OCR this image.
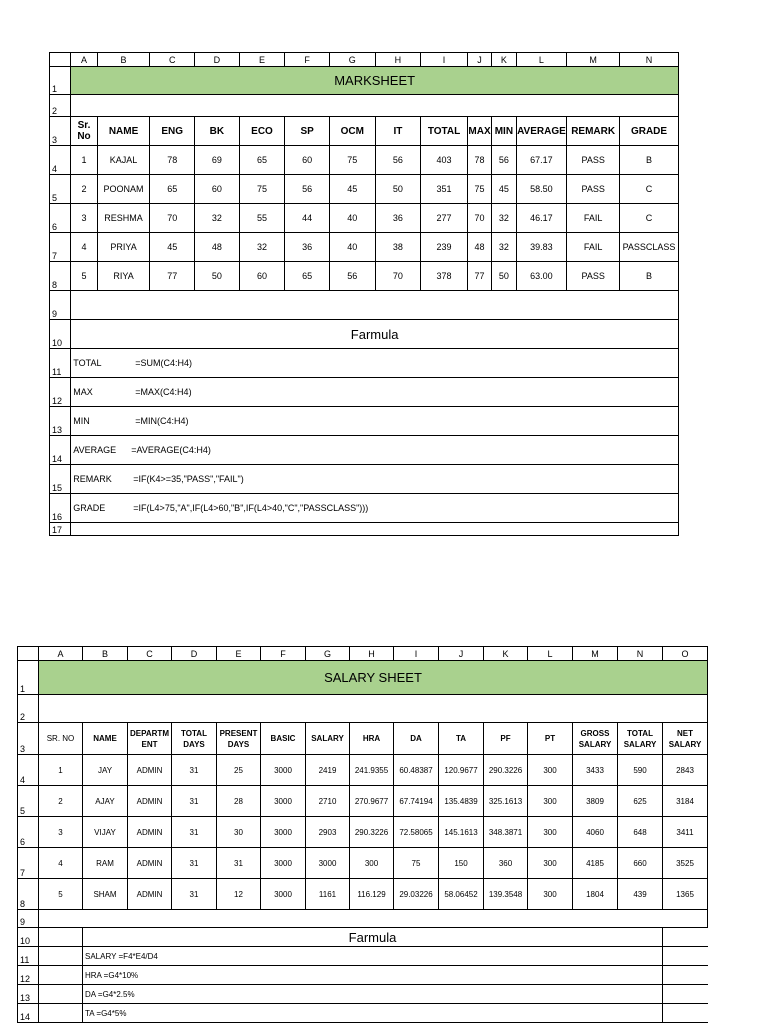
	A	B	C	D	E	F	G	H	I	J	K	L	M	N
1	MARKSHEET													
2														
3	Sr. No	NAME	ENG	BK	ECO	SP	OCM	IT	TOTAL	MAX	MIN	AVERAGE	REMARK	GRADE
4	1	KAJAL	78	69	65	60	75	56	403	78	56	67.17	PASS	B
5	2	POONAM	65	60	75	56	45	50	351	75	45	58.50	PASS	C
6	3	RESHMA	70	32	55	44	40	36	277	70	32	46.17	FAIL	C
7	4	PRIYA	45	48	32	36	40	38	239	48	32	39.83	FAIL	PASSCLASS
8	5	RIYA	77	50	60	65	56	70	378	77	50	63.00	PASS	B
9														
10	Farmula													
11	TOTAL =SUM(C4:H4)													
12	MAX =MAX(C4:H4)													
13	MIN =MIN(C4:H4)													
14	AVERAGE =AVERAGE(C4:H4)													
15	REMARK =IF(K4>=35,"PASS","FAIL")													
16	GRADE =IF(L4>75,"A",IF(L4>60,"B",IF(L4>40,"C","PASSCLASS")))													
17														
	A	B	C	D	E	F	G	H	I	J	K	L	M	N	O
1	SALARY SHEET														
2															
3	SR. NO	NAME	DEPARTM ENT	TOTAL DAYS	PRESENT DAYS	BASIC	SALARY	HRA	DA	TA	PF	PT	GROSS SALARY	TOTAL SALARY	NET SALARY
4	1	JAY	ADMIN	31	25	3000	2419	241.9355	60.48387	120.9677	290.3226	300	3433	590	2843
5	2	AJAY	ADMIN	31	28	3000	2710	270.9677	67.74194	135.4839	325.1613	300	3809	625	3184
6	3	VIJAY	ADMIN	31	30	3000	2903	290.3226	72.58065	145.1613	348.3871	300	4060	648	3411
7	4	RAM	ADMIN	31	31	3000	3000	300	75	150	360	300	4185	660	3525
8	5	SHAM	ADMIN	31	12	3000	1161	116.129	29.03226	58.06452	139.3548	300	1804	439	1365
9															
10		Farmula													
11		SALARY =F4*E4/D4													
12		HRA =G4*10%													
13		DA =G4*2.5%													
14		TA =G4*5%													
